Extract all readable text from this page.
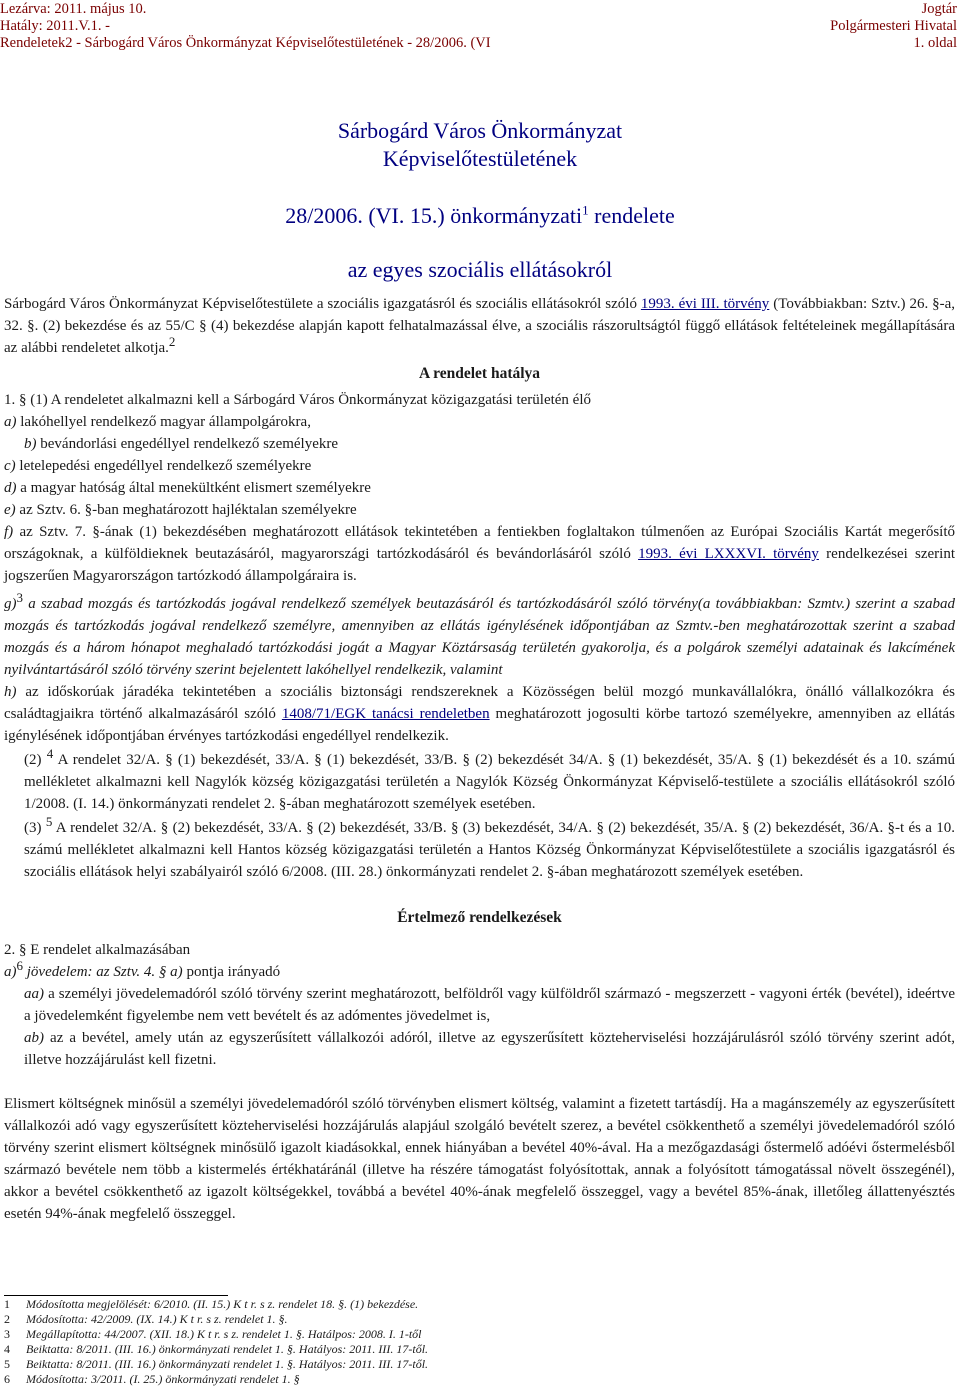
Lezárva: 2011. május 10.
Hatály: 2011.V.1. -
Rendeletek2 - Sárbogárd Város Önkormányzat Képviselőtestületének - 28/2006. (VI
Jogtár
Polgármesteri Hivatal
1. oldal
Sárbogárd Város Önkormányzat
Képviselőtestületének
28/2006. (VI. 15.) önkormányzati$^1$ rendelete
az egyes szociális ellátásokról

Sárbogárd Város Önkormányzat Képviselőtestülete a szociális igazgatásról és szociális ellátásokról szóló 1993. évi III. törvény (Továbbiakban: Sztv.) 26. §-a, 32. §. (2) bekezdése és az 55/C § (4) bekezdése alapján kapott felhatalmazással élve, a szociális rászorultságtól függő ellátások feltételeinek megállapítására az alábbi rendeletet alkotja.$^2$

A rendelet hatálya

1. § (1) A rendeletet alkalmazni kell a Sárbogárd Város Önkormányzat közigazgatási területén élő

a) lakóhellyel rendelkező magyar állampolgárokra,

b) bevándorlási engedéllyel rendelkező személyekre

c) letelepedési engedéllyel rendelkező személyekre

d) a magyar hatóság által menekültként elismert személyekre

e) az Sztv. 6. §-ban meghatározott hajléktalan személyekre

f) az Sztv. 7. §-ának (1) bekezdésében meghatározott ellátások tekintetében a fentiekben foglaltakon túlmenően az Európai Szociális Kartát megerősítő országoknak, a külföldieknek beutazásáról, magyarországi tartózkodásáról és bevándorlásáról szóló 1993. évi LXXXVI. törvény rendelkezései szerint jogszerűen Magyarországon tartózkodó állampolgáraira is.

g)$^3$ a szabad mozgás és tartózkodás jogával rendelkező személyek beutazásáról és tartózkodásáról szóló törvény(a továbbiakban: Szmtv.) szerint a szabad mozgás és tartózkodás jogával rendelkező személyre, amennyiben az ellátás igénylésének időpontjában az Szmtv.-ben meghatározottak szerint a szabad mozgás és a három hónapot meghaladó tartózkodási jogát a Magyar Köztársaság területén gyakorolja, és a polgárok személyi adatainak és lakcímének nyilvántartásáról szóló törvény szerint bejelentett lakóhellyel rendelkezik, valamint

h) az időskorúak járadéka tekintetében a szociális biztonsági rendszereknek a Közösségen belül mozgó munkavállalókra, önálló vállalkozókra és családtagjaikra történő alkalmazásáról szóló 1408/71/EGK tanácsi rendeletben meghatározott jogosulti körbe tartozó személyekre, amennyiben az ellátás igénylésének időpontjában érvényes tartózkodási engedéllyel rendelkezik.

(2) $^4$ A rendelet 32/A. § (1) bekezdését, 33/A. § (1) bekezdését, 33/B. § (2) bekezdését 34/A. § (1) bekezdését, 35/A. § (1) bekezdését és a 10. számú mellékletet alkalmazni kell Nagylók község közigazgatási területén a Nagylók Község Önkormányzat Képviselő-testülete a szociális ellátásokról szóló 1/2008. (I. 14.) önkormányzati rendelet 2. §-ában meghatározott személyek esetében.

(3) $^5$ A rendelet 32/A. § (2) bekezdését, 33/A. § (2) bekezdését, 33/B. § (3) bekezdését, 34/A. § (2) bekezdését, 35/A. § (2) bekezdését, 36/A. §-t és a 10. számú mellékletet alkalmazni kell Hantos község közigazgatási területén a Hantos Község Önkormányzat Képviselőtestülete a szociális igazgatásról és szociális ellátások helyi szabályairól szóló 6/2008. (III. 28.) önkormányzati rendelet 2. §-ában meghatározott személyek esetében.

Értelmező rendelkezések

2. § E rendelet alkalmazásában

a)$^6$ jövedelem: az Sztv. 4. § a) pontja irányadó

aa) a személyi jövedelemadóról szóló törvény szerint meghatározott, belföldről vagy külföldről származó - megszerzett - vagyoni érték (bevétel), ideértve a jövedelemként figyelembe nem vett bevételt és az adómentes jövedelmet is,

ab) az a bevétel, amely után az egyszerűsített vállalkozói adóról, illetve az egyszerűsített közteherviselési hozzájárulásról szóló törvény szerint adót, illetve hozzájárulást kell fizetni.

Elismert költségnek minősül a személyi jövedelemadóról szóló törvényben elismert költség, valamint a fizetett tartásdíj. Ha a magánszemély az egyszerűsített vállalkozói adó vagy egyszerűsített közteherviselési hozzájárulás alapjául szolgáló bevételt szerez, a bevétel csökkenthető a személyi jövedelemadóról szóló törvény szerint elismert költségnek minősülő igazolt kiadásokkal, ennek hiányában a bevétel 40%-ával. Ha a mezőgazdasági őstermelő adóévi őstermelésből származó bevétele nem több a kistermelés értékhatáránál (illetve ha részére támogatást folyósítottak, annak a folyósított támogatással növelt összegénél), akkor a bevétel csökkenthető az igazolt költségekkel, továbbá a bevétel 40%-ának megfelelő összeggel, vagy a bevétel 85%-ának, illetőleg állattenyésztés esetén 94%-ának megfelelő összeggel.

1 Módosította megjelölését: 6/2010. (II. 15.) K t r. s z. rendelet 18. §. (1) bekezdése.
2 Módosította: 42/2009. (IX. 14.) K t r. s z. rendelet 1. §.
3 Megállapította: 44/2007. (XII. 18.) K t r. s z. rendelet 1. §. Hatálpos: 2008. I. 1-től
4 Beiktatta: 8/2011. (III. 16.) önkormányzati rendelet 1. §. Hatályos: 2011. III. 17-től.
5 Beiktatta: 8/2011. (III. 16.) önkormányzati rendelet 1. §. Hatályos: 2011. III. 17-től.
6 Módosította: 3/2011. (I. 25.) önkormányzati rendelet 1. §
